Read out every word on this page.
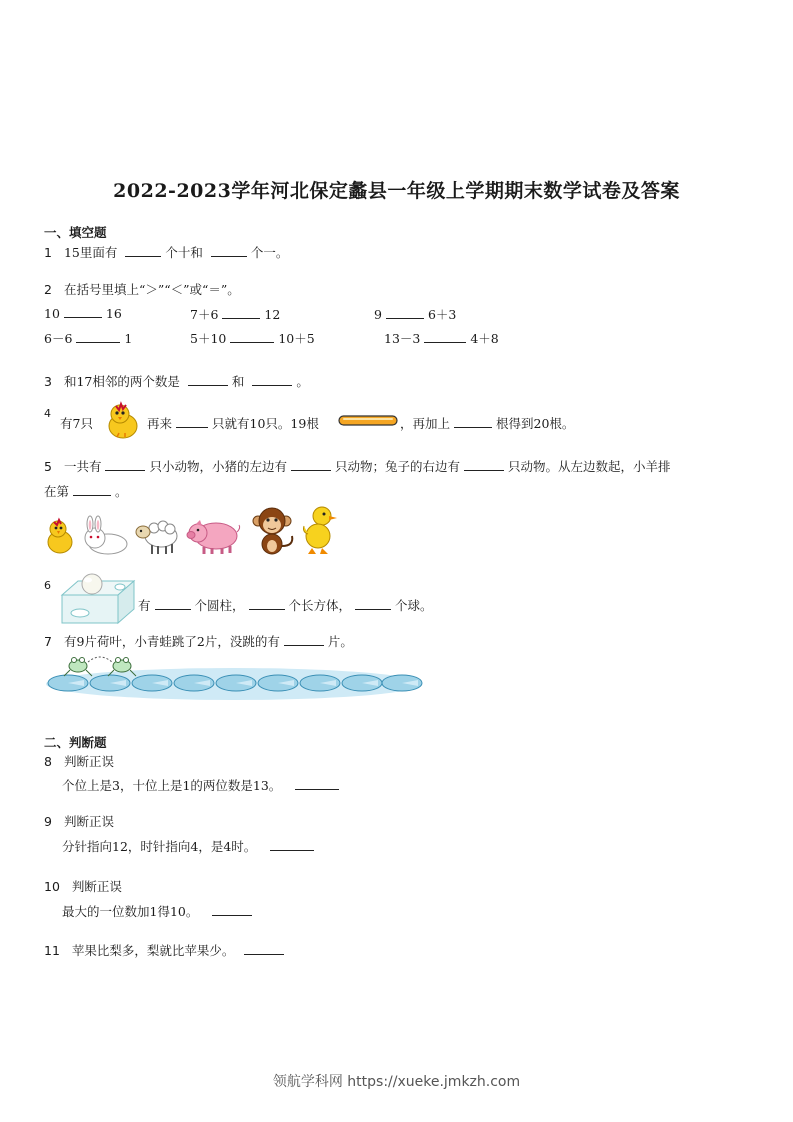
2022-2023学年河北保定蠡县一年级上学期期末数学试卷及答案
一、填空题
1 15里面有	个十和	个一。
2 在括号里填上“＞”“＜”或“＝”。
10	16	7＋6	12	9	6＋3
6－6	1	5＋10	10＋5	13－3	4＋8
3 和17相邻的两个数是	和	。
4
有7只	再来	只就有10只。19根	，再加上	根得到20根。
5 一共有	只小动物，小猪的左边有	只动物；兔子的右边有	只动物。从左边数起，小羊排
在第	。
6
有	个圆柱，	个长方体，	个球。
7 有9片荷叶，小青蛙跳了2片，没跳的有	片。
二、判断题
8 判断正误
个位上是3，十位上是1的两位数是13。
9 判断正误
分针指向12，时针指向4，是4时。
10 判断正误
最大的一位数加1得10。
11 苹果比梨多，梨就比苹果少。
领航学科网 https://xueke.jmkzh.com
